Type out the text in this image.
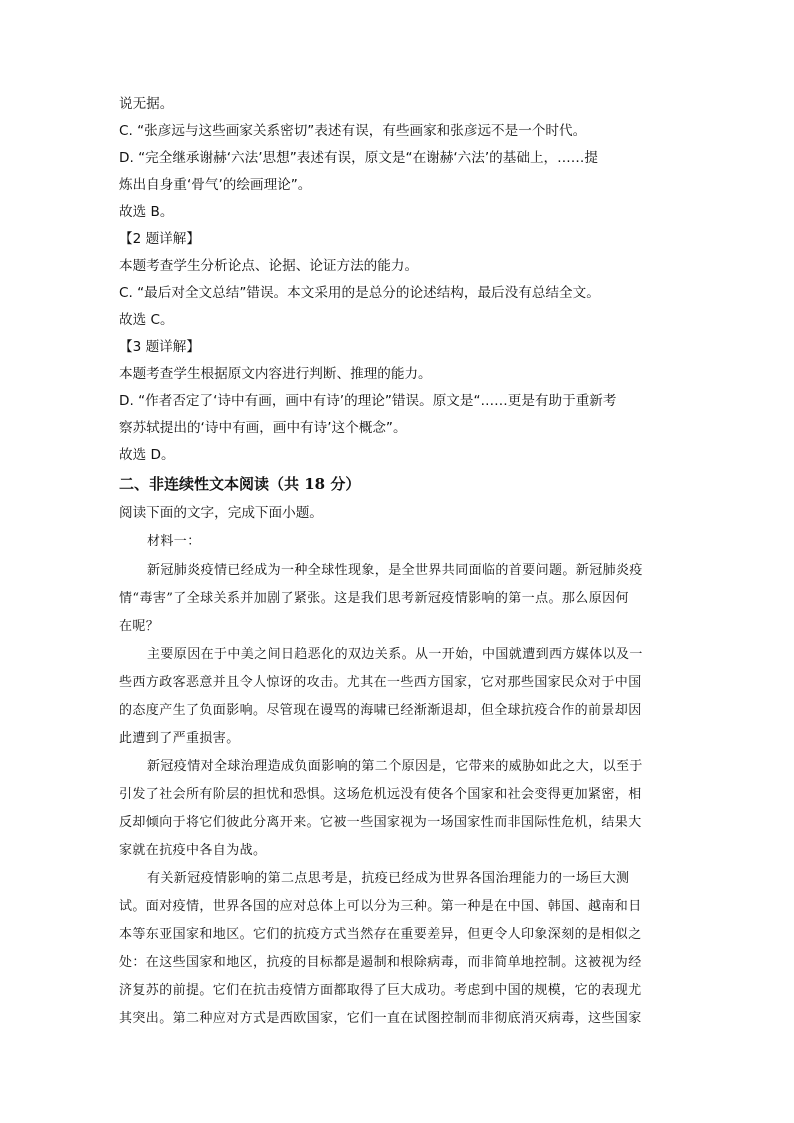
说无据。
C. “张彦远与这些画家关系密切”表述有误，有些画家和张彦远不是一个时代。
D. “完全继承谢赫‘六法’思想”表述有误，原文是“在谢赫‘六法’的基础上，……提
炼出自身重‘骨气’的绘画理论”。
故选 B。
【2 题详解】
本题考查学生分析论点、论据、论证方法的能力。
C. “最后对全文总结”错误。本文采用的是总分的论述结构，最后没有总结全文。
故选 C。
【3 题详解】
本题考查学生根据原文内容进行判断、推理的能力。
D. “作者否定了‘诗中有画，画中有诗’的理论”错误。原文是“……更是有助于重新考
察苏轼提出的‘诗中有画，画中有诗’这个概念”。
故选 D。
二、非连续性文本阅读（共 18 分）
阅读下面的文字，完成下面小题。
材料一：
新冠肺炎疫情已经成为一种全球性现象，是全世界共同面临的首要问题。新冠肺炎疫
情“毒害”了全球关系并加剧了紧张。这是我们思考新冠疫情影响的第一点。那么原因何
在呢？
主要原因在于中美之间日趋恶化的双边关系。从一开始，中国就遭到西方媒体以及一
些西方政客恶意并且令人惊讶的攻击。尤其在一些西方国家，它对那些国家民众对于中国
的态度产生了负面影响。尽管现在谩骂的海啸已经渐渐退却，但全球抗疫合作的前景却因
此遭到了严重损害。
新冠疫情对全球治理造成负面影响的第二个原因是，它带来的威胁如此之大，以至于
引发了社会所有阶层的担忧和恐惧。这场危机远没有使各个国家和社会变得更加紧密，相
反却倾向于将它们彼此分离开来。它被一些国家视为一场国家性而非国际性危机，结果大
家就在抗疫中各自为战。
有关新冠疫情影响的第二点思考是，抗疫已经成为世界各国治理能力的一场巨大测
试。面对疫情，世界各国的应对总体上可以分为三种。第一种是在中国、韩国、越南和日
本等东亚国家和地区。它们的抗疫方式当然存在重要差异，但更令人印象深刻的是相似之
处：在这些国家和地区，抗疫的目标都是遏制和根除病毒，而非简单地控制。这被视为经
济复苏的前提。它们在抗击疫情方面都取得了巨大成功。考虑到中国的规模，它的表现尤
其突出。第二种应对方式是西欧国家，它们一直在试图控制而非彻底消灭病毒，这些国家
